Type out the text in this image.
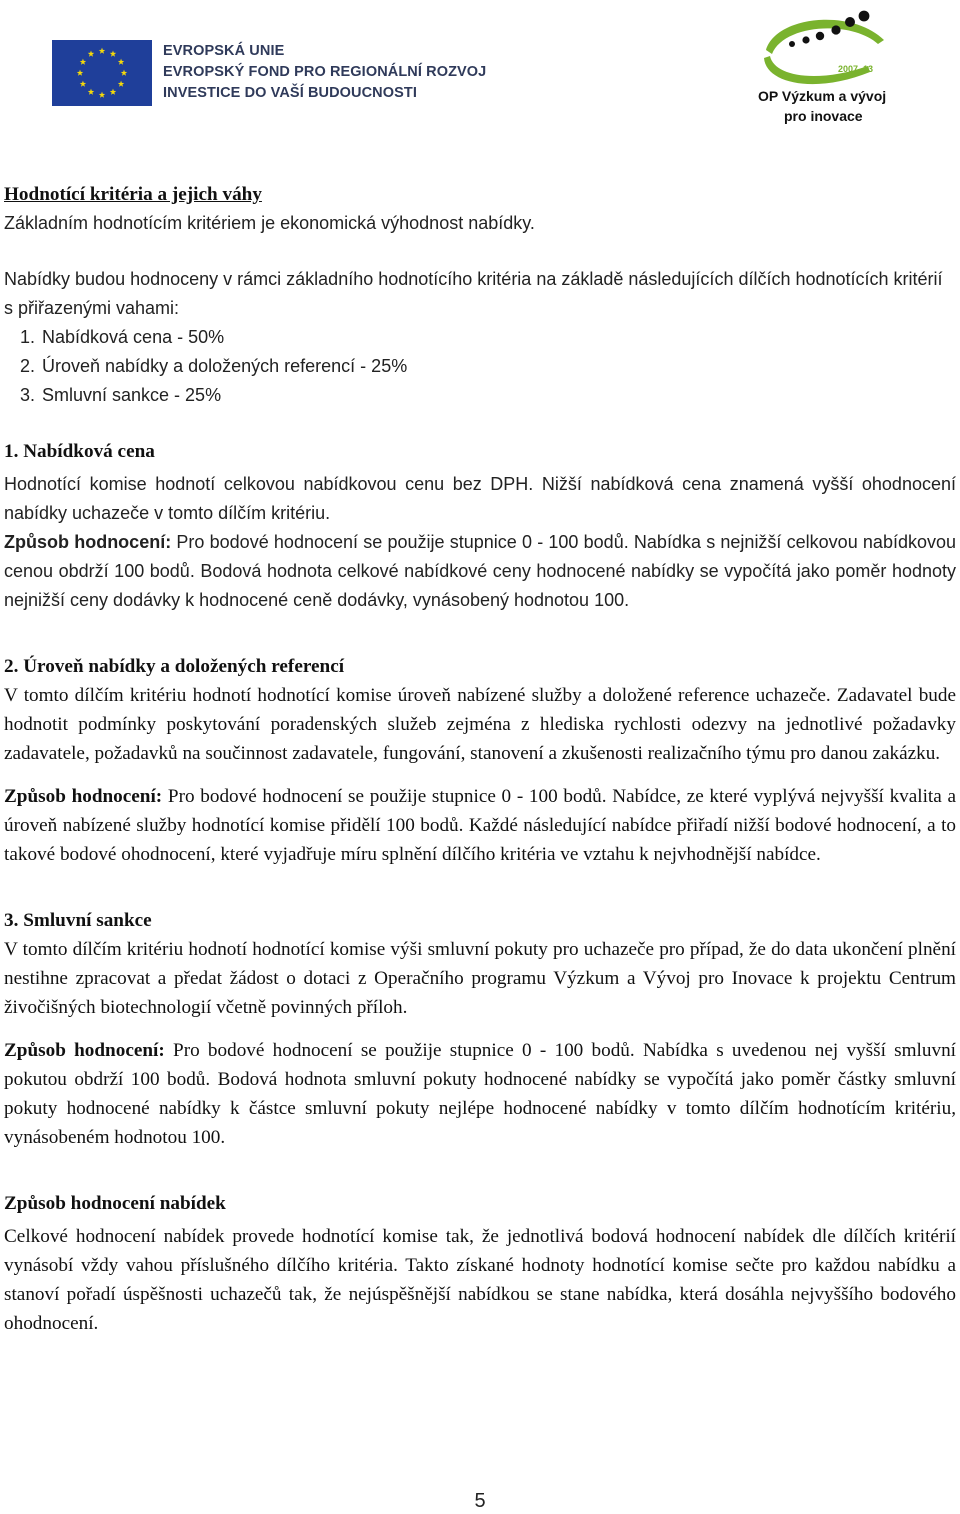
EVROPSKÁ UNIE
EVROPSKÝ FOND PRO REGIONÁLNÍ ROZVOJ
INVESTICE DO VAŠÍ BUDOUCNOSTI
2007–13
OP Výzkum a vývoj
pro inovace

Hodnotící kritéria a jejich váhy

Základním hodnotícím kritériem je ekonomická výhodnost nabídky.

Nabídky budou hodnoceny v rámci základního hodnotícího kritéria na základě následujících dílčích hodnotících kritérií s přiřazenými vahami:

1. Nabídková cena - 50%
2. Úroveň nabídky a doložených referencí - 25%
3. Smluvní sankce - 25%

1. Nabídková cena

Hodnotící komise hodnotí celkovou nabídkovou cenu bez DPH. Nižší nabídková cena znamená vyšší ohodnocení nabídky uchazeče v tomto dílčím kritériu.

Způsob hodnocení: Pro bodové hodnocení se použije stupnice 0 - 100 bodů. Nabídka s nejnižší celkovou nabídkovou cenou obdrží 100 bodů. Bodová hodnota celkové nabídkové ceny hodnocené nabídky se vypočítá jako poměr hodnoty nejnižší ceny dodávky k hodnocené ceně dodávky, vynásobený hodnotou 100.

2. Úroveň nabídky a doložených referencí

V tomto dílčím kritériu hodnotí hodnotící komise úroveň nabízené služby a doložené reference uchazeče. Zadavatel bude hodnotit podmínky poskytování poradenských služeb zejména z hlediska rychlosti odezvy na jednotlivé požadavky zadavatele, požadavků na součinnost zadavatele, fungování, stanovení a zkušenosti realizačního týmu pro danou zakázku.

Způsob hodnocení: Pro bodové hodnocení se použije stupnice 0 - 100 bodů. Nabídce, ze které vyplývá nejvyšší kvalita a úroveň nabízené služby hodnotící komise přidělí 100 bodů. Každé následující nabídce přiřadí nižší bodové hodnocení, a to takové bodové ohodnocení, které vyjadřuje míru splnění dílčího kritéria ve vztahu k nejvhodnější nabídce.

3. Smluvní sankce

V tomto dílčím kritériu hodnotí hodnotící komise výši smluvní pokuty pro uchazeče pro případ, že do data ukončení plnění nestihne zpracovat a předat žádost o dotaci z Operačního programu Výzkum a Vývoj pro Inovace k projektu Centrum živočišných biotechnologií včetně povinných příloh.

Způsob hodnocení: Pro bodové hodnocení se použije stupnice 0 - 100 bodů. Nabídka s uvedenou nej vyšší smluvní pokutou obdrží 100 bodů. Bodová hodnota smluvní pokuty hodnocené nabídky se vypočítá jako poměr částky smluvní pokuty hodnocené nabídky k částce smluvní pokuty nejlépe hodnocené nabídky v tomto dílčím hodnotícím kritériu, vynásobeném hodnotou 100.

Způsob hodnocení nabídek

Celkové hodnocení nabídek provede hodnotící komise tak, že jednotlivá bodová hodnocení nabídek dle dílčích kritérií vynásobí vždy vahou příslušného dílčího kritéria. Takto získané hodnoty hodnotící komise sečte pro každou nabídku a stanoví pořadí úspěšnosti uchazečů tak, že nejúspěšnější nabídkou se stane nabídka, která dosáhla nejvyššího bodového ohodnocení.

5
